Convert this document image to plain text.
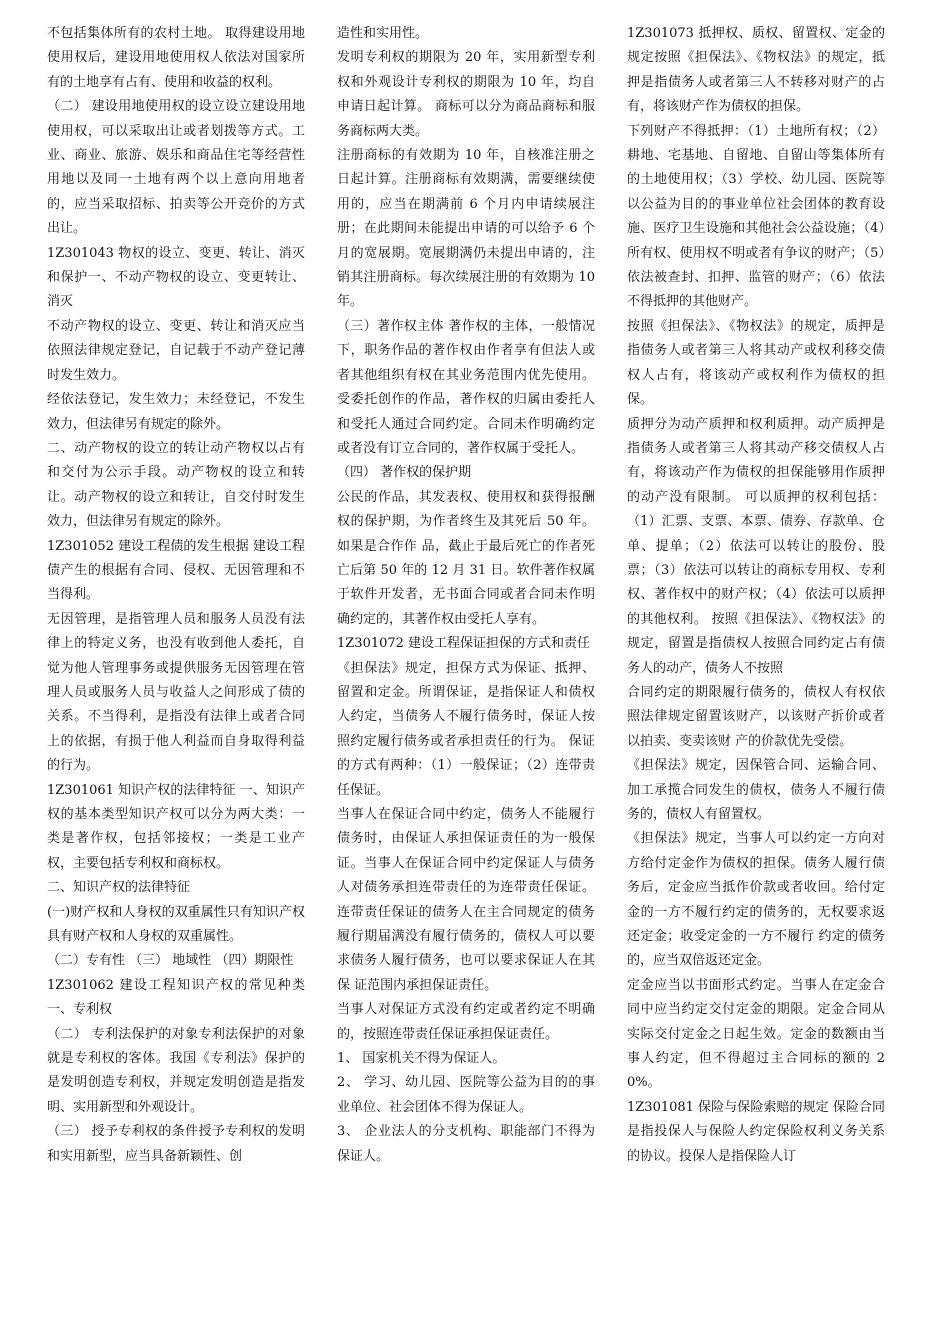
不包括集体所有的农村土地。 取得建设用地使用权后，建设用地使用权人依法对国家所有的土地享有占有、使用和收益的权利。

（二） 建设用地使用权的设立设立建设用地使用权，可以采取出让或者划拨等方式。工业、商业、旅游、娱乐和商品住宅等经营性用地以及同一土地有两个以上意向用地者的，应当采取招标、拍卖等公开竞价的方式出让。

1Z301043 物权的设立、变更、转让、消灭和保护一、不动产物权的设立、变更转让、消灭

不动产物权的设立、变更、转让和消灭应当依照法律规定登记，自记载于不动产登记薄时发生效力。

经依法登记，发生效力；未经登记，不发生效力，但法律另有规定的除外。

二、动产物权的设立的转让动产物权以占有和交付为公示手段。动产物权的设立和转让。动产物权的设立和转让，自交付时发生效力，但法律另有规定的除外。

1Z301052 建设工程债的发生根据 建设工程债产生的根据有合同、侵权、无因管理和不当得利。

无因管理，是指管理人员和服务人员没有法律上的特定义务，也没有收到他人委托，自觉为他人管理事务或提供服务无因管理在管理人员或服务人员与收益人之间形成了债的关系。不当得利，是指没有法律上或者合同上的依据，有损于他人利益而自身取得利益的行为。

1Z301061 知识产权的法律特征 一、知识产权的基本类型知识产权可以分为两大类：一类是著作权，包括邻接权；一类是工业产权，主要包括专利权和商标权。

二、知识产权的法律特征

(一)财产权和人身权的双重属性只有知识产权具有财产权和人身权的双重属性。

（二）专有性 （三） 地域性 （四）期限性

1Z301062 建设工程知识产权的常见种类一、专利权

（二） 专利法保护的对象专利法保护的对象就是专利权的客体。我国《专利法》保护的是发明创造专利权，并规定发明创造是指发明、实用新型和外观设计。

（三） 授予专利权的条件授予专利权的发明和实用新型，应当具备新颖性、创

造性和实用性。

发明专利权的期限为 20 年，实用新型专利权和外观设计专利权的期限为 10 年，均自申请日起计算。 商标可以分为商品商标和服务商标两大类。

注册商标的有效期为 10 年，自核准注册之日起计算。注册商标有效期满，需要继续使用的，应当在期满前 6 个月内申请续展注册；在此期间未能提出申请的可以给予 6 个月的宽展期。宽展期满仍未提出申请的，注销其注册商标。每次续展注册的有效期为 10 年。

（三）著作权主体 著作权的主体，一般情况下，职务作品的著作权由作者享有但法人或者其他组织有权在其业务范围内优先使用。 受委托创作的作品，著作权的归属由委托人和受托人通过合同约定。合同未作明确约定或者没有订立合同的，著作权属于受托人。

（四） 著作权的保护期

公民的作品，其发表权、使用权和获得报酬权的保护期，为作者终生及其死后 50 年。如果是合作作 品，截止于最后死亡的作者死亡后第 50 年的 12 月 31 日。软件著作权属于软件开发者，无书面合同或者合同未作明确约定的，其著作权由受托人享有。

1Z301072 建设工程保证担保的方式和责任

《担保法》规定，担保方式为保证、抵押、留置和定金。所谓保证，是指保证人和债权人约定，当债务人不履行债务时，保证人按照约定履行债务或者承担责任的行为。 保证的方式有两种：（1）一般保证；（2）连带责任保证。

当事人在保证合同中约定，债务人不能履行债务时，由保证人承担保证责任的为一般保证。当事人在保证合同中约定保证人与债务人对债务承担连带责任的为连带责任保证。连带责任保证的债务人在主合同规定的债务履行期届满没有履行债务的，债权人可以要求债务人履行债务，也可以要求保证人在其保 证范围内承担保证责任。

当事人对保证方式没有约定或者约定不明确的，按照连带责任保证承担保证责任。

1、 国家机关不得为保证人。

2、 学习、幼儿园、医院等公益为目的的事业单位、社会团体不得为保证人。

3、 企业法人的分支机构、职能部门不得为保证人。

1Z301073 抵押权、质权、留置权、定金的规定按照《担保法》、《物权法》的规定，抵押是指债务人或者第三人不转移对财产的占有，将该财产作为债权的担保。

下列财产不得抵押：（1）土地所有权；（2）耕地、宅基地、自留地、自留山等集体所有的土地使用权；（3）学校、幼儿园、医院等以公益为目的的事业单位社会团体的教育设施、医疗卫生设施和其他社会公益设施；（4）所有权、使用权不明或者有争议的财产；（5）依法被查封、扣押、监管的财产；（6）依法不得抵押的其他财产。

按照《担保法》、《物权法》的规定，质押是指债务人或者第三人将其动产或权利移交债权人占有，将该动产或权利作为债权的担保。

质押分为动产质押和权利质押。动产质押是指债务人或者第三人将其动产移交债权人占有，将该动产作为债权的担保能够用作质押的动产没有限制。 可以质押的权利包括：（1）汇票、支票、本票、债券、存款单、仓单、提单；（2）依法可以转让的股份、股票；（3）依法可以转让的商标专用权、专利权、著作权中的财产权；（4）依法可以质押的其他权利。 按照《担保法》、《物权法》的规定，留置是指债权人按照合同约定占有债务人的动产，债务人不按照

合同约定的期限履行债务的，债权人有权依照法律规定留置该财产，以该财产折价或者以拍卖、变卖该财 产的价款优先受偿。

《担保法》规定，因保管合同、运输合同、加工承揽合同发生的债权，债务人不履行债务的，债权人有留置权。

《担保法》规定，当事人可以约定一方向对方给付定金作为债权的担保。债务人履行债务后，定金应当抵作价款或者收回。给付定金的一方不履行约定的债务的，无权要求返还定金；收受定金的一方不履行 约定的债务的，应当双倍返还定金。

定金应当以书面形式约定。当事人在定金合同中应当约定交付定金的期限。定金合同从实际交付定金之日起生效。定金的数额由当事人约定，但不得超过主合同标的额的 20%。

1Z301081 保险与保险索赔的规定 保险合同是指投保人与保险人约定保险权利义务关系的协议。投保人是指保险人订
